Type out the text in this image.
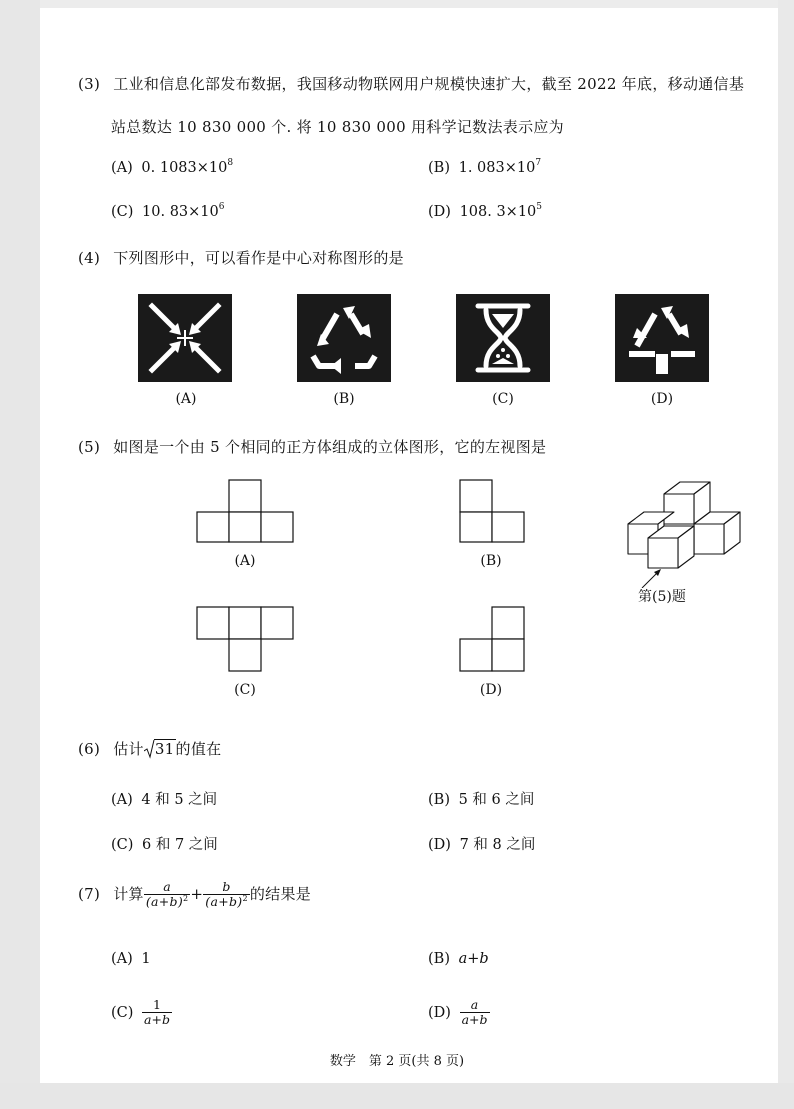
(3) 工业和信息化部发布数据，我国移动物联网用户规模快速扩大，截至 2022 年底，移动通信基
站总数达 10 830 000 个. 将 10 830 000 用科学记数法表示应为
(A) 0. $1083\times 10^8$	(B) 1. $083\times 10^7$
(C) 10. $83\times 10^6$	(D) 108. $3\times 10^5$
(4) 下列图形中，可以看作是中心对称图形的是
(A)	(B)	(C)	(D)
(5) 如图是一个由 5 个相同的正方体组成的立体图形，它的左视图是
(A)	(B)
(C)	(D)
第(5)题
(6) 估计 31的值在
(A) 4 和 5 之间	(B) 5 和 6 之间
(C) 6 和 7 之间	(D) 7 和 8 之间
(7) 计算 $\frac{a}{(a+b)^2} + \frac{b}{(a+b)^2}$ 的结果是
(A) 1	(B) a+b
$(C) \frac{1}{a+b}$	$(D) \frac{a}{a+b}$
数学　第 2 页(共 8 页)
